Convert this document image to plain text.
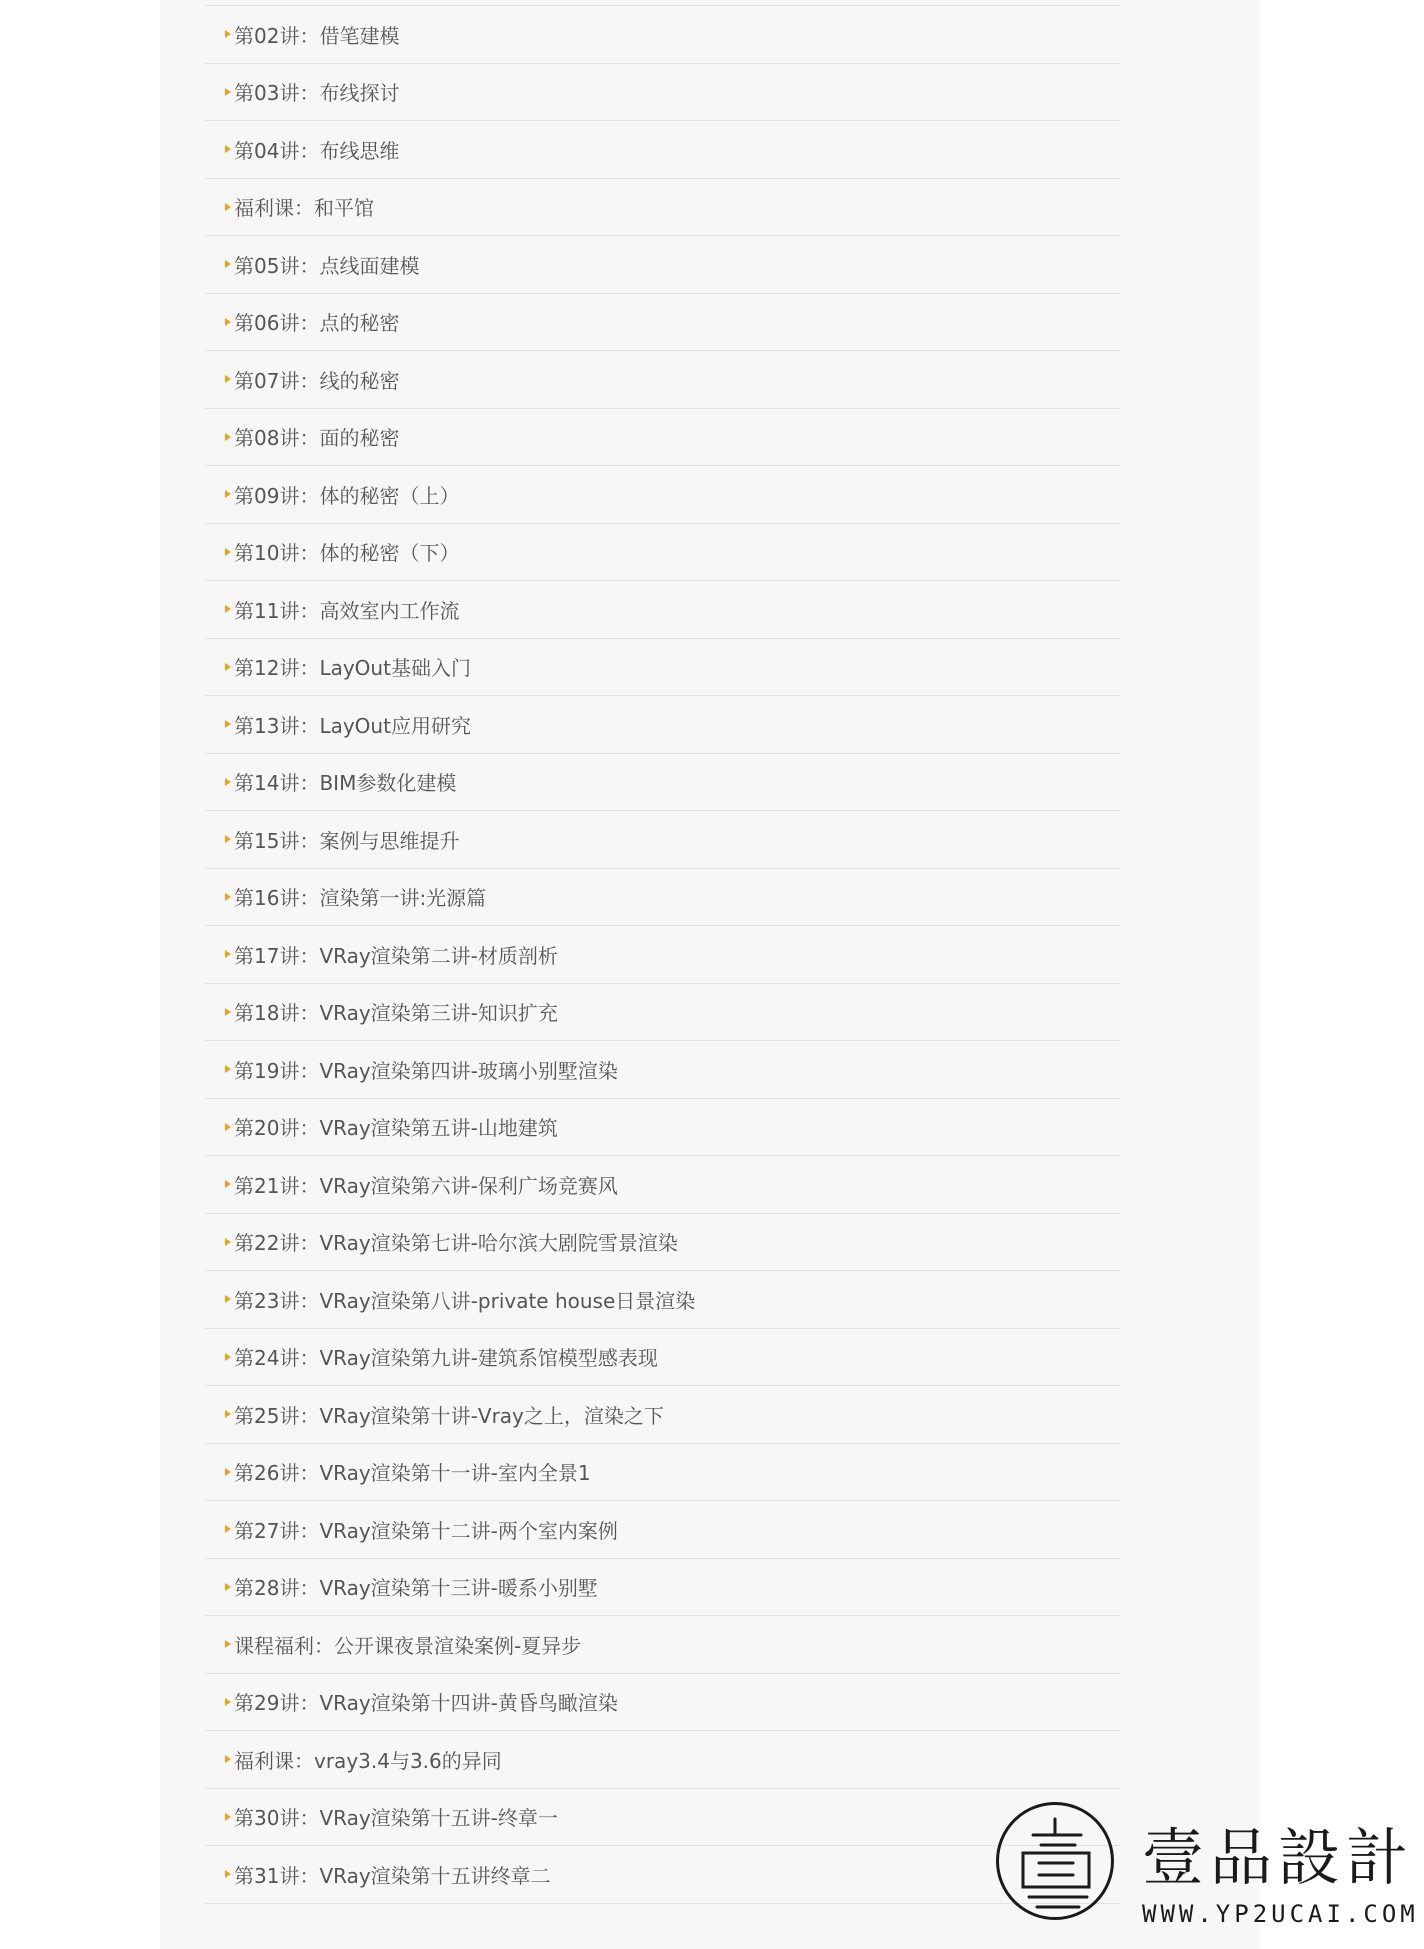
第02讲：借笔建模
第03讲：布线探讨
第04讲：布线思维
福利课：和平馆
第05讲：点线面建模
第06讲：点的秘密
第07讲：线的秘密
第08讲：面的秘密
第09讲：体的秘密（上）
第10讲：体的秘密（下）
第11讲：高效室内工作流
第12讲：LayOut基础入门
第13讲：LayOut应用研究
第14讲：BIM参数化建模
第15讲：案例与思维提升
第16讲：渲染第一讲:光源篇
第17讲：VRay渲染第二讲-材质剖析
第18讲：VRay渲染第三讲-知识扩充
第19讲：VRay渲染第四讲-玻璃小别墅渲染
第20讲：VRay渲染第五讲-山地建筑
第21讲：VRay渲染第六讲-保利广场竞赛风
第22讲：VRay渲染第七讲-哈尔滨大剧院雪景渲染
第23讲：VRay渲染第八讲-private house日景渲染
第24讲：VRay渲染第九讲-建筑系馆模型感表现
第25讲：VRay渲染第十讲-Vray之上，渲染之下
第26讲：VRay渲染第十一讲-室内全景1
第27讲：VRay渲染第十二讲-两个室内案例
第28讲：VRay渲染第十三讲-暖系小别墅
课程福利：公开课夜景渲染案例-夏异步
第29讲：VRay渲染第十四讲-黄昏鸟瞰渲染
福利课：vray3.4与3.6的异同
第30讲：VRay渲染第十五讲-终章一
第31讲：VRay渲染第十五讲终章二	壹品設計
WWW.YP2UCAI.COM
